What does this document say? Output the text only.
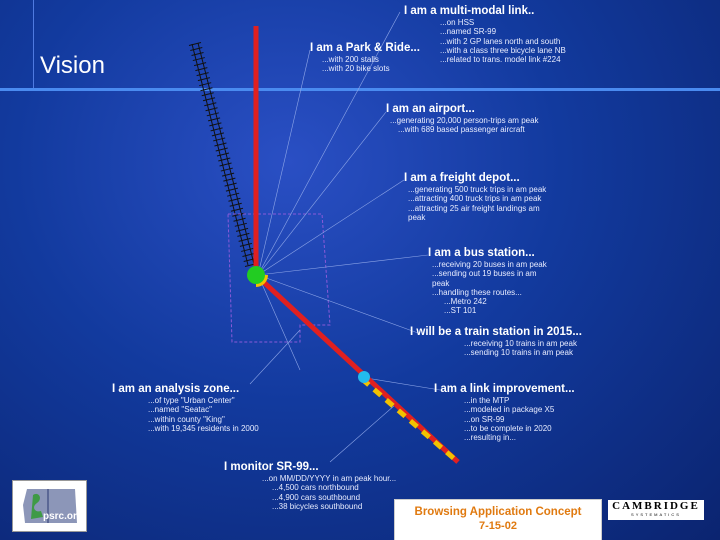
Vision
I am a multi-modal link..
...on HSS
...named SR-99
...with 2 GP lanes north and south
...with a class three bicycle lane NB
...related to trans. model link #224
I am a Park & Ride...
...with 200 stalls
...with 20 bike slots
I am an airport...
...generating 20,000 person-trips am peak
...with 689 based passenger aircraft
I am a freight depot...
...generating 500 truck trips in am peak
...attracting 400 truck trips in am peak
...attracting 25 air freight landings am
peak
I am a bus station...
...receiving 20 buses in am peak
...sending out 19 buses in am
peak
...handling these routes...
...Metro 242
...ST 101
I will be a train station in 2015...
...receiving 10 trains in am peak
...sending 10 trains in am peak
I am an analysis zone...
...of type "Urban Center"
...named "Seatac"
...within county "King"
...with 19,345 residents in 2000
I am a link improvement...
...in the MTP
...modeled in package X5
...on SR-99
...to be complete in 2020
...resulting in...
I monitor SR-99...
...on MM/DD/YYYY in am peak hour...
...4,500 cars northbound
...4,900 cars southbound
...38 bicycles southbound
psrc.org	Browsing Application Concept
7-15-02
CAMBRIDGE
SYSTEMATICS
